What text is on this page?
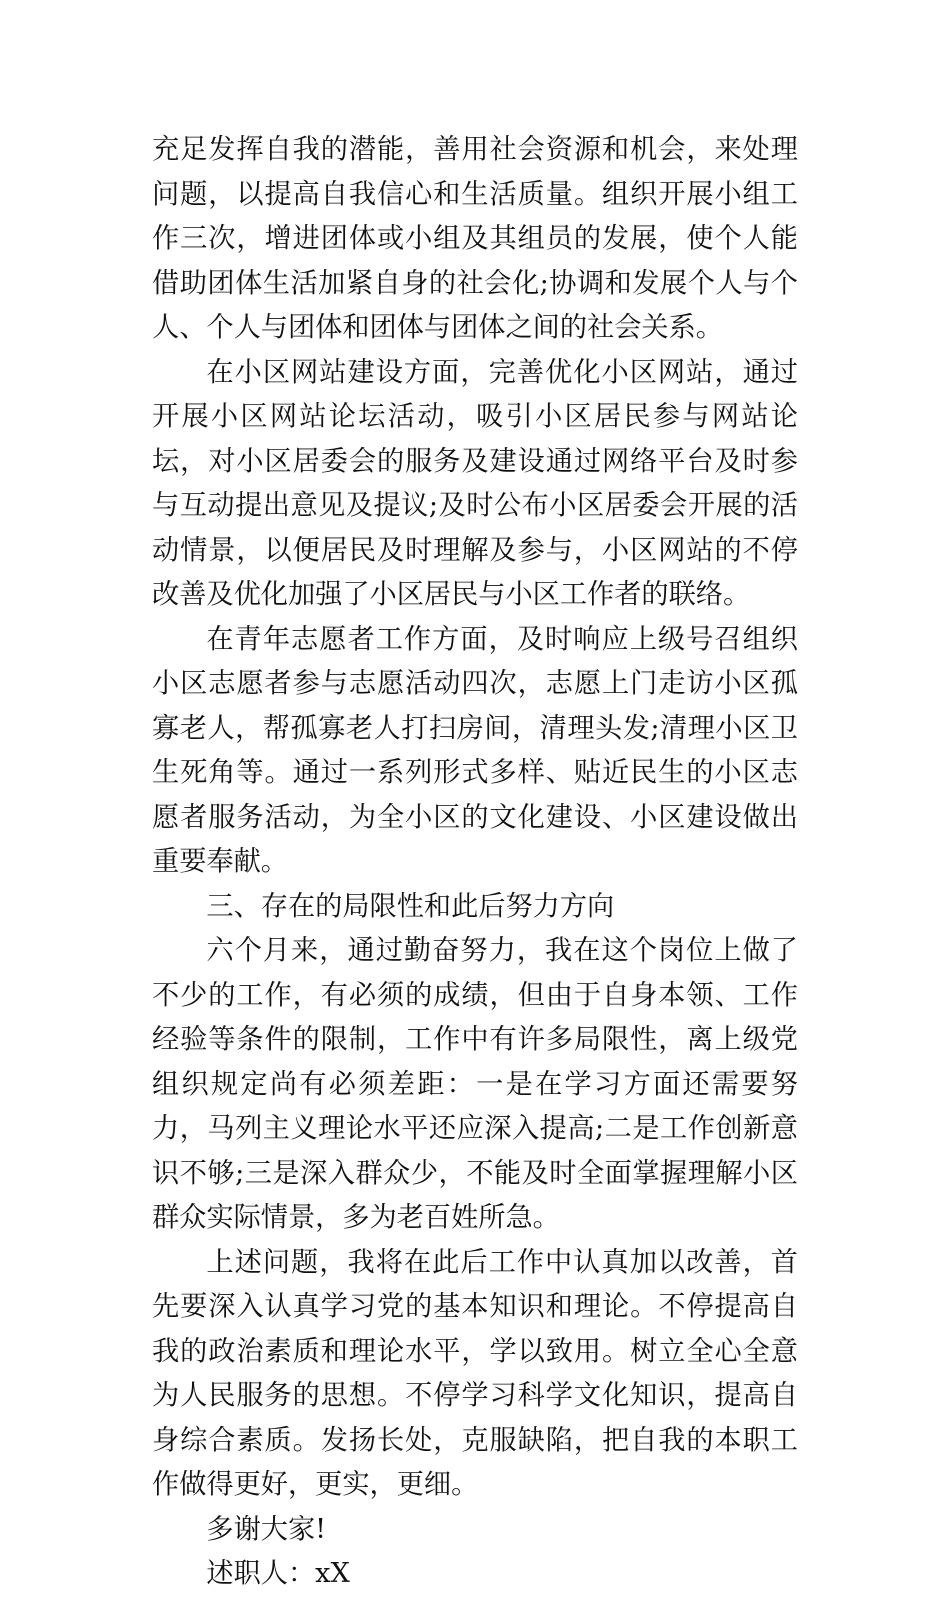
充足发挥自我的潜能，善用社会资源和机会，来处理问题，以提高自我信心和生活质量。组织开展小组工作三次，增进团体或小组及其组员的发展，使个人能借助团体生活加紧自身的社会化;协调和发展个人与个人、个人与团体和团体与团体之间的社会关系。

在小区网站建设方面，完善优化小区网站，通过开展小区网站论坛活动，吸引小区居民参与网站论坛，对小区居委会的服务及建设通过网络平台及时参与互动提出意见及提议;及时公布小区居委会开展的活动情景，以便居民及时理解及参与，小区网站的不停改善及优化加强了小区居民与小区工作者的联络。

在青年志愿者工作方面，及时响应上级号召组织小区志愿者参与志愿活动四次，志愿上门走访小区孤寡老人，帮孤寡老人打扫房间，清理头发;清理小区卫生死角等。通过一系列形式多样、贴近民生的小区志愿者服务活动，为全小区的文化建设、小区建设做出重要奉献。

三、存在的局限性和此后努力方向

六个月来，通过勤奋努力，我在这个岗位上做了不少的工作，有必须的成绩，但由于自身本领、工作经验等条件的限制，工作中有许多局限性，离上级党组织规定尚有必须差距：一是在学习方面还需要努力，马列主义理论水平还应深入提高;二是工作创新意识不够;三是深入群众少，不能及时全面掌握理解小区群众实际情景，多为老百姓所急。

上述问题，我将在此后工作中认真加以改善，首先要深入认真学习党的基本知识和理论。不停提高自我的政治素质和理论水平，学以致用。树立全心全意为人民服务的思想。不停学习科学文化知识，提高自身综合素质。发扬长处，克服缺陷，把自我的本职工作做得更好，更实，更细。

多谢大家!

述职人：xX
